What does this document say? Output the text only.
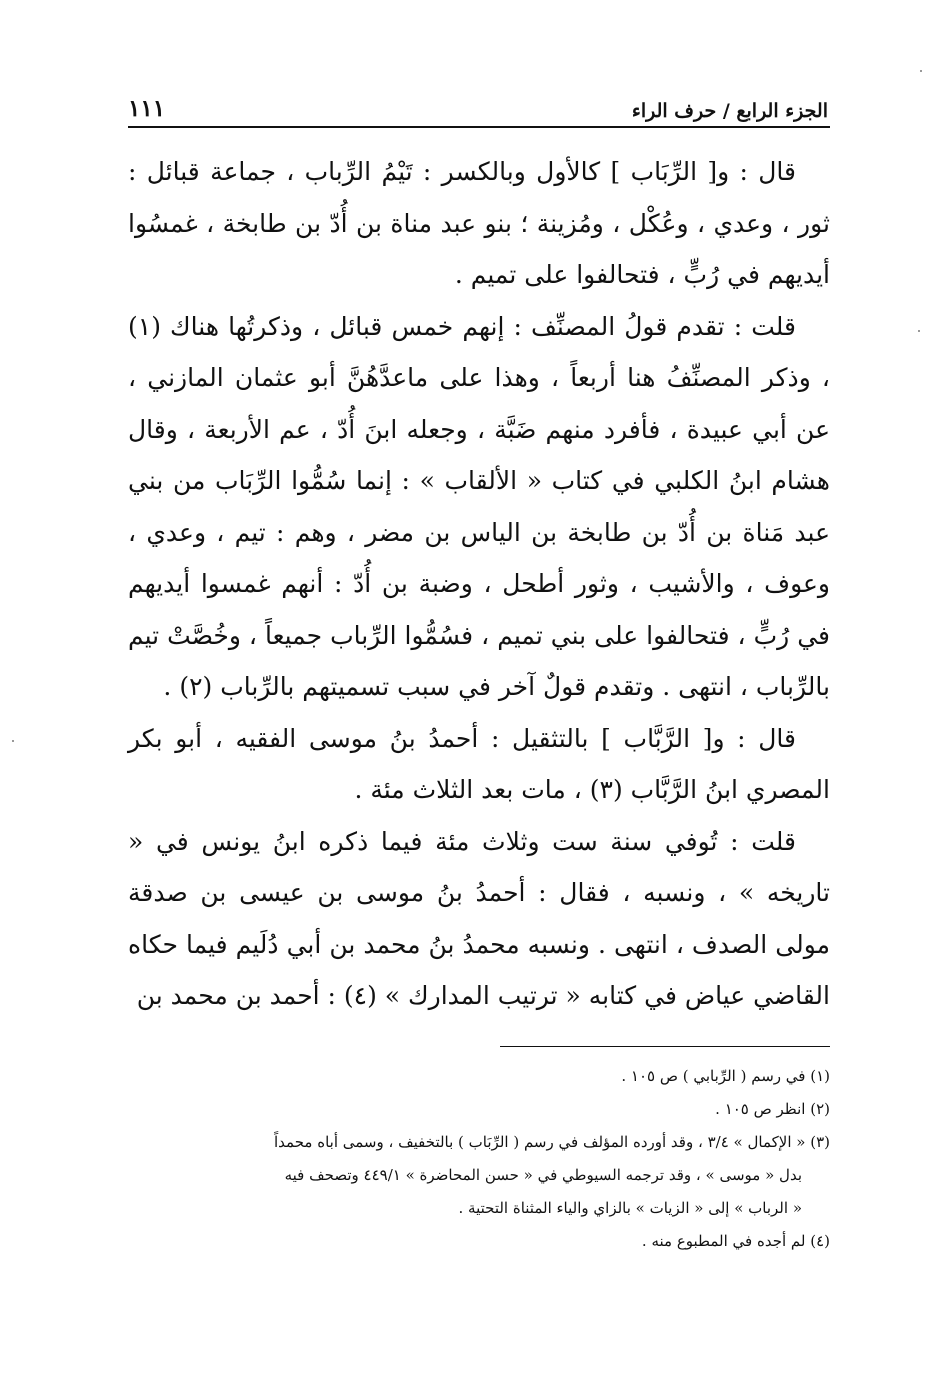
الجزء الرابع / حرف الراء
١١١

قال : و[ الرِّبَاب ] كالأول وبالكسر : تَيْمُ الرِّباب ، جماعة قبائل : ثور ، وعدي ، وعُكْل ، ومُزينة ؛ بنو عبد مناة بن أُدّ بن طابخة ، غمسُوا أيديهم في رُبٍّ ، فتحالفوا على تميم .

قلت : تقدم قولُ المصنِّف : إنهم خمس قبائل ، وذكرتُها هناك (١) ، وذكر المصنِّفُ هنا أربعاً ، وهذا على ماعدَّهُنَّ أبو عثمان المازني ، عن أبي عبيدة ، فأفرد منهم ضَبَّة ، وجعله ابنَ أُدّ ، عم الأربعة ، وقال هشام ابنُ الكلبي في كتاب « الألقاب » : إنما سُمُّوا الرِّبَاب من بني عبد مَناة بن أُدّ بن طابخة بن الياس بن مضر ، وهم : تيم ، وعدي ، وعوف ، والأشيب ، وثور أطحل ، وضبة بن أُدّ : أنهم غمسوا أيديهم في رُبٍّ ، فتحالفوا على بني تميم ، فسُمُّوا الرِّباب جميعاً ، وخُصَّتْ تيم بالرِّباب ، انتهى . وتقدم قولٌ آخر في سبب تسميتهم بالرِّباب (٢) .

قال : و[ الرَّبَّاب ] بالتثقيل : أحمدُ بنُ موسى الفقيه ، أبو بكر المصري ابنُ الرَّبَّاب (٣) ، مات بعد الثلاث مئة .

قلت : تُوفي سنة ست وثلاث مئة فيما ذكره ابنُ يونس في « تاريخه » ، ونسبه ، فقال : أحمدُ بنُ موسى بن عيسى بن صدقة مولى الصدف ، انتهى . ونسبه محمدُ بنُ محمد بن أبي دُلَيم فيما حكاه القاضي عياض في كتابه « ترتيب المدارك » (٤) : أحمد بن محمد بن

(١) في رسم ( الرِّبابي ) ص ١٠٥ .

(٢) انظر ص ١٠٥ .

(٣) « الإكمال » ٣/٤ ، وقد أورده المؤلف في رسم ( الرِّبَاب ) بالتخفيف ، وسمى أباه محمداً

بدل « موسى » ، وقد ترجمه السيوطي في « حسن المحاضرة » ٤٤٩/١ وتصحف فيه

« الرباب » إلى « الزيات » بالزاي والياء المثناة التحتية .

(٤) لم أجده في المطبوع منه .
